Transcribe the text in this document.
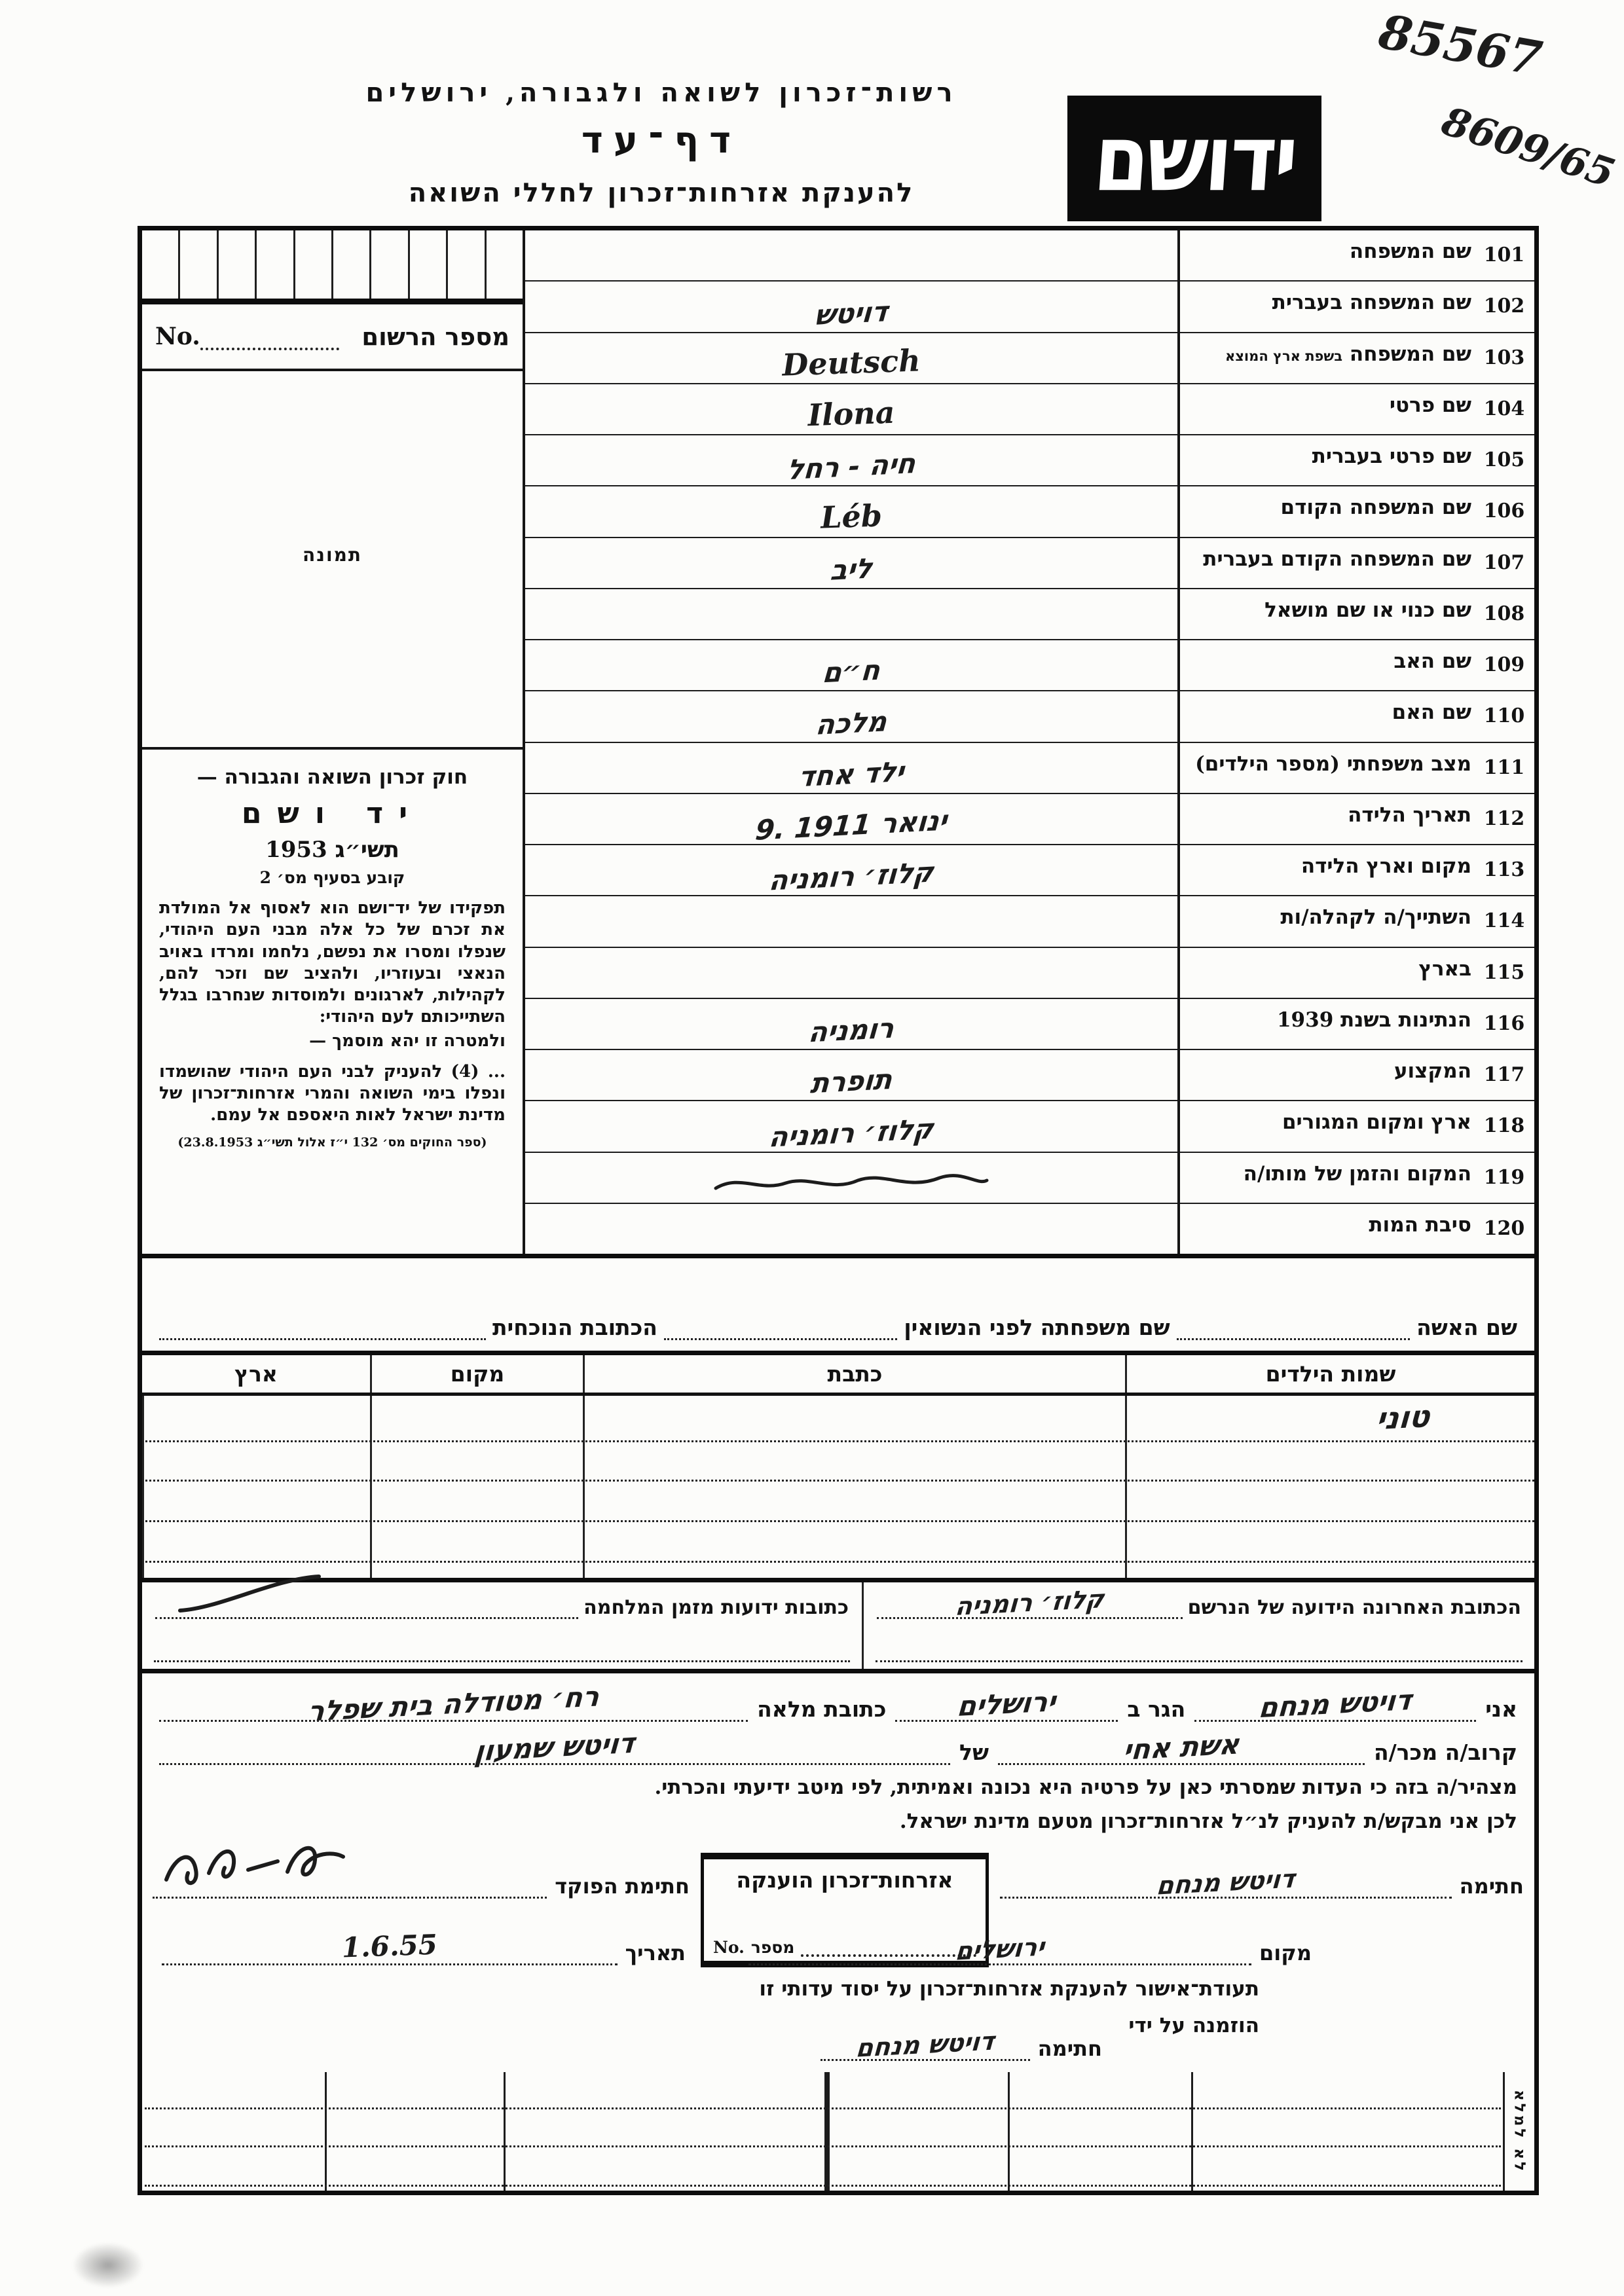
85567
8609/65
רשות־זכרון לשואה ולגבורה, ירושלים
דף־עד
להענקת אזרחות־זכרון לחללי השואה	ידושם
101
שם המשפחה
102
שם המשפחה בעברית
103
שם המשפחה בשפת ארץ המוצא
104
שם פרטי
105
שם פרטי בעברית
106
שם המשפחה הקודם
107
שם המשפחה הקודם בעברית
108
שם כנוי או שם מושאל
109
שם האב
110
שם האם
111
מצב משפחתי (מספר הילדים)
112
תאריך הלידה
113
מקום וארץ הלידה
114
השתייך/ה לקהלה/ות
115
בארץ
116
הנתינות בשנת 1939
117
המקצוע
118
ארץ ומקום המגורים
119
המקום והזמן של מותו/ה
120
סיבת המות
דויטש
Deutsch
Ilona
חיה - רחל
Léb
ליב
ח״ם
מלכה
ילד אחד
9. ינואר 1911
קלוז׳ רומניה
רומניה
תופרת
קלוז׳ רומניה
מספר הרשום
No.
תמונה
חוק זכרון השואה והגבורה —
יד ושם
תשי״ג 1953
קובע בסעיף מס׳ 2
תפקידו של יד־ושם הוא לאסוף אל המולדת את זכרם של כל אלה מבני העם היהודי, שנפלו ומסרו את נפשם, נלחמו ומרדו באויב הנאצי ובעוזריו, ולהציב שם וזכר להם, לקהילות, לארגונים ולמוסדות שנחרבו בגלל השתייכותם לעם היהודי:
ולמטרה זו יהא מוסמך —
... (4) להעניק לבני העם היהודי שהושמדו ונפלו בימי השואה והמרי אזרחות־זכרון של מדינת ישראל לאות היאספם אל עמם.
(ספר החוקים מס׳ 132 י״ז אלול תשי״ג 23.8.1953)
שם האשה
שם משפחתה לפני הנשואין
הכתובת הנוכחית
שמות הילדים
כתבת
מקום
ארץ
טוני
הכתובת האחרונה הידועה של הנרשם
קלוז׳ רומניה
כתובות ידועות מזמן המלחמה
אני
דויטש מנחם
הגר ב
ירושלים
כתובת מלאה
רח׳ מטודלה בית שפלר
קרוב/ה מכר/ה
אשת אחי
של
דויטש שמעון
מצהיר/ה בזה כי העדות שמסרתי כאן על פרטיה היא נכונה ואמיתית, לפי מיטב ידיעתי והכרתי.
לכן אני מבקש/ת להעניק לנ״ל אזרחות־זכרון מטעם מדינת ישראל.
חתימה
דויטש מנחם
אזרחות־זכרון הוענקה
מספר
No.
חתימת הפוקד
מקום
ירושלים
תאריך
1.6.55
תעודת־אישור להענקת אזרחות־זכרון על יסוד עדותי זו
הוזמנה על ידי
חתימה
דויטש מנחם
לא למלא
